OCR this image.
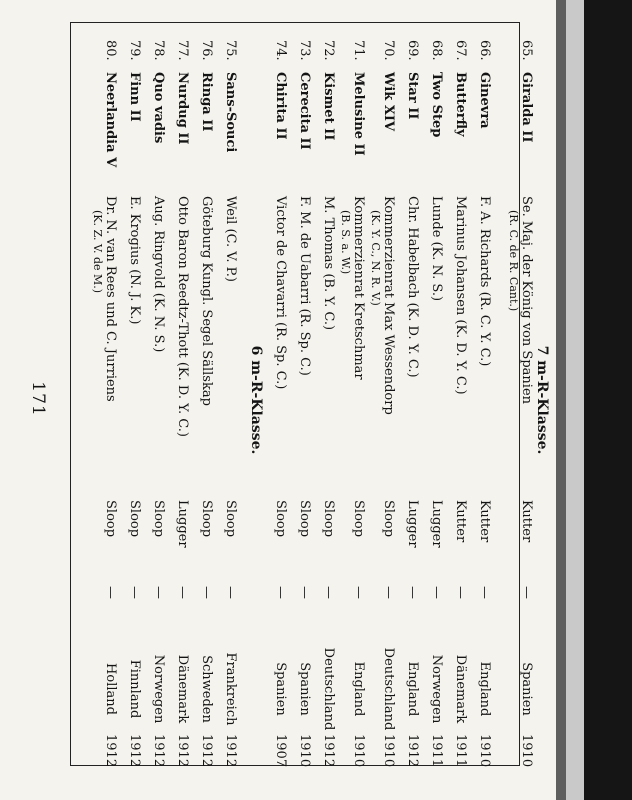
171	7 m-R-Klasse.
65.
Giralda II
Se. Maj. der König von Spanien
Kutter
—
Spanien
1910
(R. C. de R. Cant.)
66.
Ginevra
F. A. Richards (R. C. Y. C.)
Kutter
—
England
1910
67.
Butterfly
Marinus Johansen (K. D. Y. C.)
Kutter
—
Dänemark
1911
68.
Two Step
Lunde (K. N. S.)
Lugger
—
Norwegen
1911
69.
Star II
Chr. Habelbach (K. D. Y. C.)
Lugger
—
England
1912
70.
Wik XIV
Kommerzienrat Max Wessendorp
Sloop
—
Deutschland
1910
(K. Y. C., N. R. V.)
71.
Melusine II
Kommerzienrat Kretschmar
Sloop
—
England
1910
(B. S. a. W.)
72.
Kismet II
M. Thomas (B. Y. C.)
Sloop
—
Deutschland
1912
73.
Cerecita II
F. M. de Uabarri (R. Sp. C.)
Sloop
—
Spanien
1910
74.
Chirita II
Victor de Chavarri (R. Sp. C.)
Sloop
—
Spanien
1907
75.
Sans-Souci
Weil (C. V. P.)
Sloop
—
Frankreich
1912
76.
Ringa II
Göteburg Kungl. Segel Sällskap
Sloop
—
Schweden
1912
77.
Nurdug II
Otto Baron Reedtz-Thott (K. D. Y. C.)
Lugger
—
Dänemark
1912
78.
Quo vadis
Aug. Ringvold (K. N. S.)
Sloop
—
Norwegen
1912
79.
Finn II
E. Krogius (N. J. K.)
Sloop
—
Finnland
1912
80.
Neerlandia V
Dr. N. van Rees und C. Jurriens
Sloop
—
Holland
1912
(K. Z. V. de M.)
6 m-R-Klasse.
